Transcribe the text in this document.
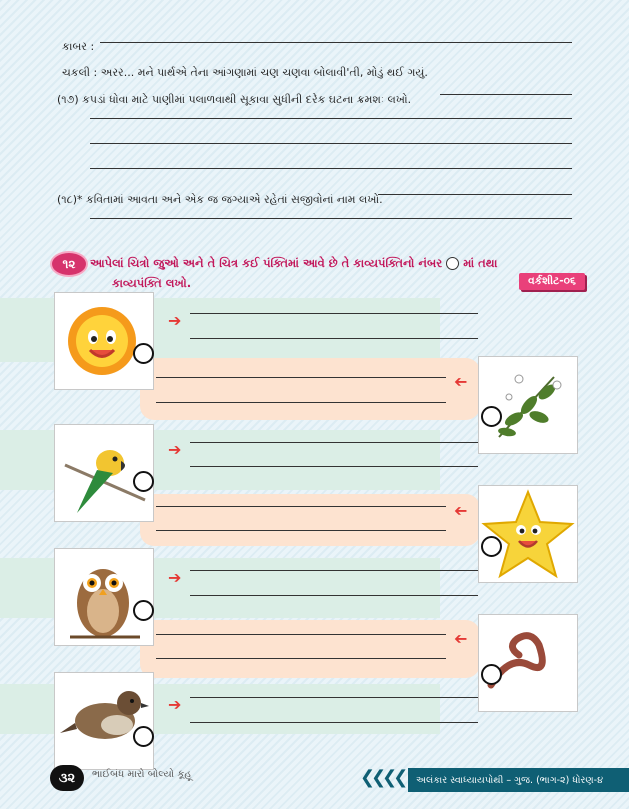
કાબર :
ચકલી : અરર... મને પાર્થએ તેના આંગણામાં ચણ ચણવા બોલાવી'તી, મોડું થઈ ગયું.
(૧૭) કપડાં ધોવા માટે પાણીમાં પલાળવાથી સૂકાવા સુધીની દરેક ઘટના ક્રમશઃ લખો.
(૧૮)* કવિતામાં આવતા અને એક જ જગ્યાએ રહેતાં સજીવોનાં નામ લખો.
૧૨	આપેલાં ચિત્રો જુઓ અને તે ચિત્ર કઈ પંક્તિમાં આવે છે તે કાવ્યપંક્તિનો નંબર માં તથા
કાવ્યપંક્તિ લખો.	વર્કશીટ-૦૬
➔
➔
➔
➔
➔
➔
➔
૩૨	ભાઈબંધ મારો બોલ્યો કૂહૂ	❮❮❮❮	અલંકાર સ્વાધ્યાયપોથી – ગુજ. (ભાગ-૨) ધોરણ-૪
